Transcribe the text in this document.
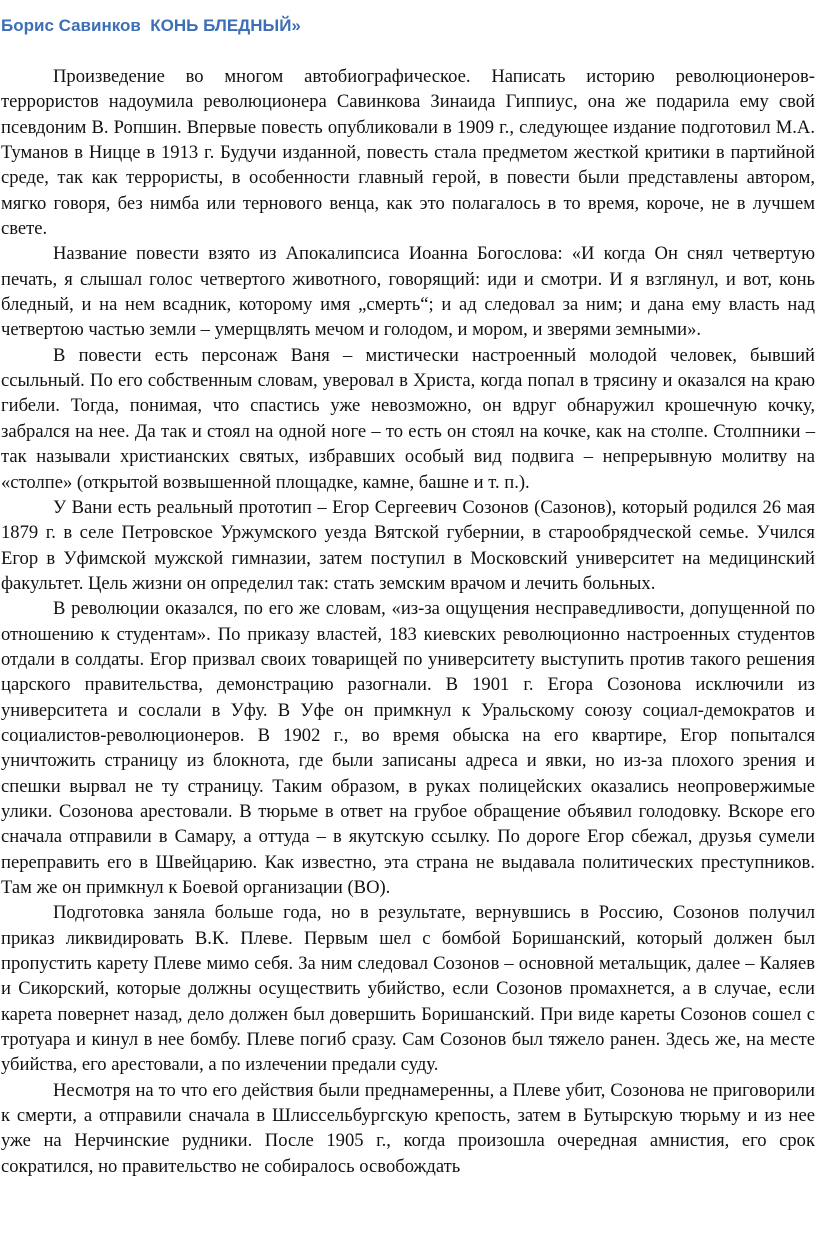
Борис Савинков  КОНЬ БЛЕДНЫЙ»

Произведение во многом автобиографическое. Написать историю революционеров-террористов надоумила революционера Савинкова Зинаида Гиппиус, она же подарила ему свой псевдоним В. Ропшин. Впервые повесть опубликовали в 1909 г., следующее издание подготовил М.А. Туманов в Ницце в 1913 г. Будучи изданной, повесть стала предметом жесткой критики в партийной среде, так как террористы, в особенности главный герой, в повести были представлены автором, мягко говоря, без нимба или тернового венца, как это полагалось в то время, короче, не в лучшем свете.

Название повести взято из Апокалипсиса Иоанна Богослова: «И когда Он снял четвертую печать, я слышал голос четвертого животного, говорящий: иди и смотри. И я взглянул, и вот, конь бледный, и на нем всадник, которому имя „смерть“; и ад следовал за ним; и дана ему власть над четвертою частью земли – умерщвлять мечом и голодом, и мором, и зверями земными».

В повести есть персонаж Ваня – мистически настроенный молодой человек, бывший ссыльный. По его собственным словам, уверовал в Христа, когда попал в трясину и оказался на краю гибели. Тогда, понимая, что спастись уже невозможно, он вдруг обнаружил крошечную кочку, забрался на нее. Да так и стоял на одной ноге – то есть он стоял на кочке, как на столпе. Столпники – так называли христианских святых, избравших особый вид подвига – непрерывную молитву на «столпе» (открытой возвышенной площадке, камне, башне и т. п.).

У Вани есть реальный прототип – Егор Сергеевич Созонов (Сазонов), который родился 26 мая 1879 г. в селе Петровское Уржумского уезда Вятской губернии, в старообрядческой семье. Учился Егор в Уфимской мужской гимназии, затем поступил в Московский университет на медицинский факультет. Цель жизни он определил так: стать земским врачом и лечить больных.

В революции оказался, по его же словам, «из-за ощущения несправедливости, допущенной по отношению к студентам». По приказу властей, 183 киевских революционно настроенных студентов отдали в солдаты. Егор призвал своих товарищей по университету выступить против такого решения царского правительства, демонстрацию разогнали. В 1901 г. Егора Созонова исключили из университета и сослали в Уфу. В Уфе он примкнул к Уральскому союзу социал-демократов и социалистов-революционеров. В 1902 г., во время обыска на его квартире, Егор попытался уничтожить страницу из блокнота, где были записаны адреса и явки, но из-за плохого зрения и спешки вырвал не ту страницу. Таким образом, в руках полицейских оказались неопровержимые улики. Созонова арестовали. В тюрьме в ответ на грубое обращение объявил голодовку. Вскоре его сначала отправили в Самару, а оттуда – в якутскую ссылку. По дороге Егор сбежал, друзья сумели переправить его в Швейцарию. Как известно, эта страна не выдавала политических преступников. Там же он примкнул к Боевой организации (ВО).

Подготовка заняла больше года, но в результате, вернувшись в Россию, Созонов получил приказ ликвидировать В.К. Плеве. Первым шел с бомбой Боришанский, который должен был пропустить карету Плеве мимо себя. За ним следовал Созонов – основной метальщик, далее – Каляев и Сикорский, которые должны осуществить убийство, если Созонов промахнется, а в случае, если карета повернет назад, дело должен был довершить Боришанский. При виде кареты Созонов сошел с тротуара и кинул в нее бомбу. Плеве погиб сразу. Сам Созонов был тяжело ранен. Здесь же, на месте убийства, его арестовали, а по излечении предали суду.

Несмотря на то что его действия были преднамеренны, а Плеве убит, Созонова не приговорили к смерти, а отправили сначала в Шлиссельбургскую крепость, затем в Бутырскую тюрьму и из нее уже на Нерчинские рудники. После 1905 г., когда произошла очередная амнистия, его срок сократился, но правительство не собиралось освобождать
